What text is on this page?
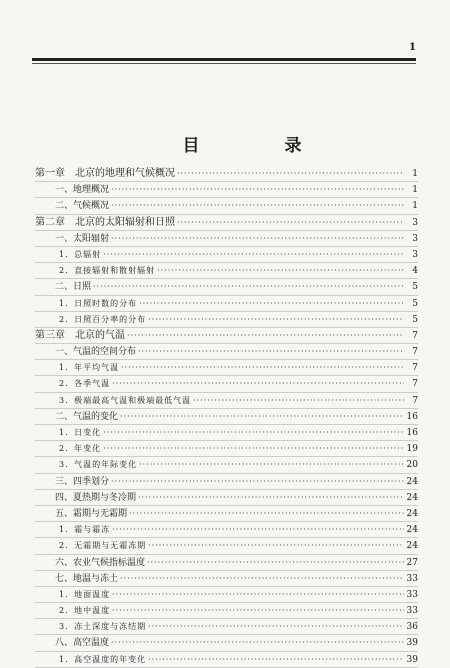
1
目　录
第一章　北京的地理和气候概况 ·····	1
一、地理概况 ·····	1
二、气候概况 ·····	1
第二章　北京的太阳辐射和日照 ·····	3
一、太阳辐射 ·····	3
1．总辐射 ·····	3
2．直接辐射和散射辐射 ·····	4
二、日照 ·····	5
1．日照时数的分布 ·····	5
2．日照百分率的分布 ·····	5
第三章　北京的气温 ·····	7
一、气温的空间分布 ·····	7
1．年平均气温 ·····	7
2．各季气温 ·····	7
3．极端最高气温和极端最低气温 ·····	7
二、气温的变化 ·····	16
1．日变化 ·····	16
2．年变化 ·····	19
3．气温的年际变化 ·····	20
三、四季划分 ·····	24
四、夏热期与冬冷期 ·····	24
五、霜期与无霜期 ·····	24
1．霜与霜冻 ·····	24
2．无霜期与无霜冻期 ·····	24
六、农业气候指标温度 ·····	27
七、地温与冻土 ·····	33
1．地面温度 ·····	33
2．地中温度 ·····	33
3．冻土深度与冻结期 ·····	36
八、高空温度 ·····	39
1．高空温度的年变化 ·····	39
